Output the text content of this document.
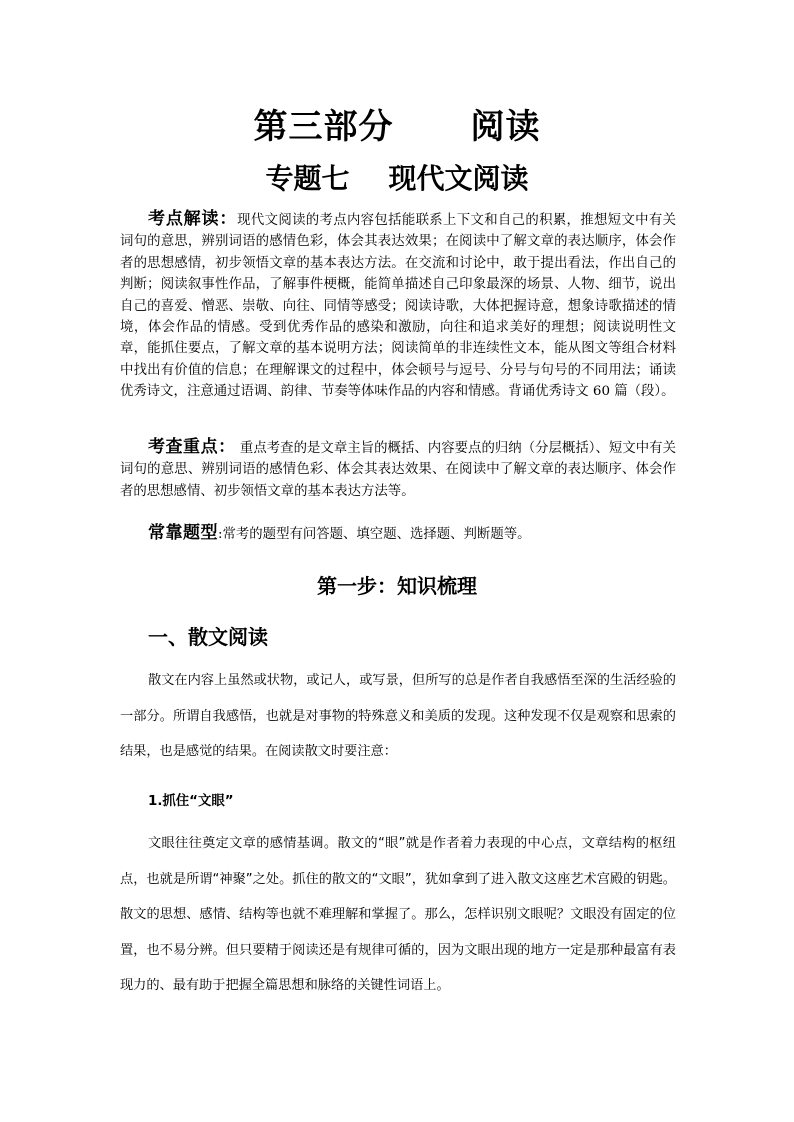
第三部分      阅读
专题七    现代文阅读
考点解读：现代文阅读的考点内容包括能联系上下文和自己的积累，推想短文中有关词句的意思，辨别词语的感情色彩，体会其表达效果；在阅读中了解文章的表达顺序，体会作者的思想感情，初步领悟文章的基本表达方法。在交流和讨论中，敢于提出看法，作出自己的判断；阅读叙事性作品，了解事件梗概，能简单描述自己印象最深的场景、人物、细节，说出自己的喜爱、憎恶、崇敬、向往、同情等感受；阅读诗歌，大体把握诗意，想象诗歌描述的情境，体会作品的情感。受到优秀作品的感染和激励，向往和追求美好的理想；阅读说明性文章，能抓住要点，了解文章的基本说明方法；阅读简单的非连续性文本，能从图文等组合材料中找出有价值的信息；在理解课文的过程中，体会顿号与逗号、分号与句号的不同用法；诵读优秀诗文，注意通过语调、韵律、节奏等体味作品的内容和情感。背诵优秀诗文 60 篇（段）。
考查重点： 重点考查的是文章主旨的概括、内容要点的归纳（分层概括）、短文中有关词句的意思、辨别词语的感情色彩、体会其表达效果、在阅读中了解文章的表达顺序、体会作者的思想感情、初步领悟文章的基本表达方法等。
常靠题型:常考的题型有问答题、填空题、选择题、判断题等。
第一步：知识梳理
一、散文阅读
散文在内容上虽然或状物，或记人，或写景，但所写的总是作者自我感悟至深的生活经验的一部分。所谓自我感悟，也就是对事物的特殊意义和美质的发现。这种发现不仅是观察和思索的结果，也是感觉的结果。在阅读散文时要注意：
1.抓住“文眼”
文眼往往奠定文章的感情基调。散文的“眼”就是作者着力表现的中心点，文章结构的枢纽点，也就是所谓“神聚”之处。抓住的散文的“文眼”，犹如拿到了进入散文这座艺术宫殿的钥匙。散文的思想、感情、结构等也就不难理解和掌握了。那么，怎样识别文眼呢？文眼没有固定的位置，也不易分辨。但只要精于阅读还是有规律可循的，因为文眼出现的地方一定是那种最富有表现力的、最有助于把握全篇思想和脉络的关键性词语上。
